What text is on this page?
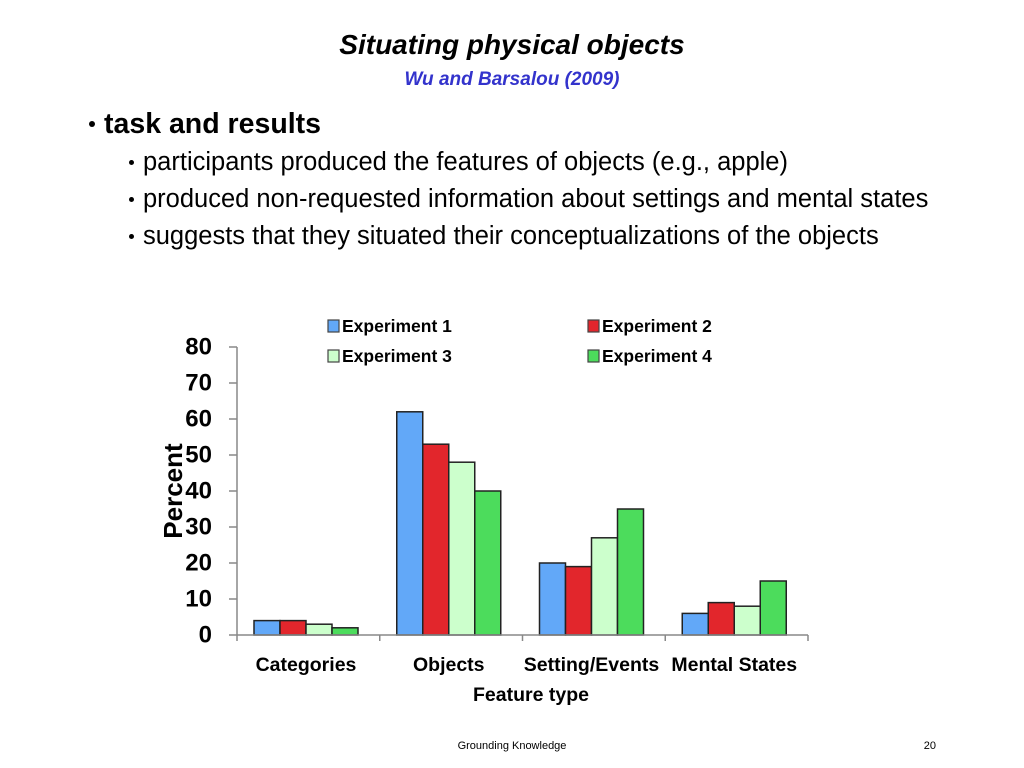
Situating physical objects
Wu and Barsalou (2009)
task and results
participants produced the features of objects (e.g., apple)
produced non-requested information about settings and mental states
suggests that they situated their conceptualizations of the objects
Feature type
Percent
Experiment 1	Experiment 2
Experiment 3	Experiment 4
Categories	Objects Setting/Events Mental States
0
10
20
30
40
50
60
70
80
Grounding Knowledge	20
